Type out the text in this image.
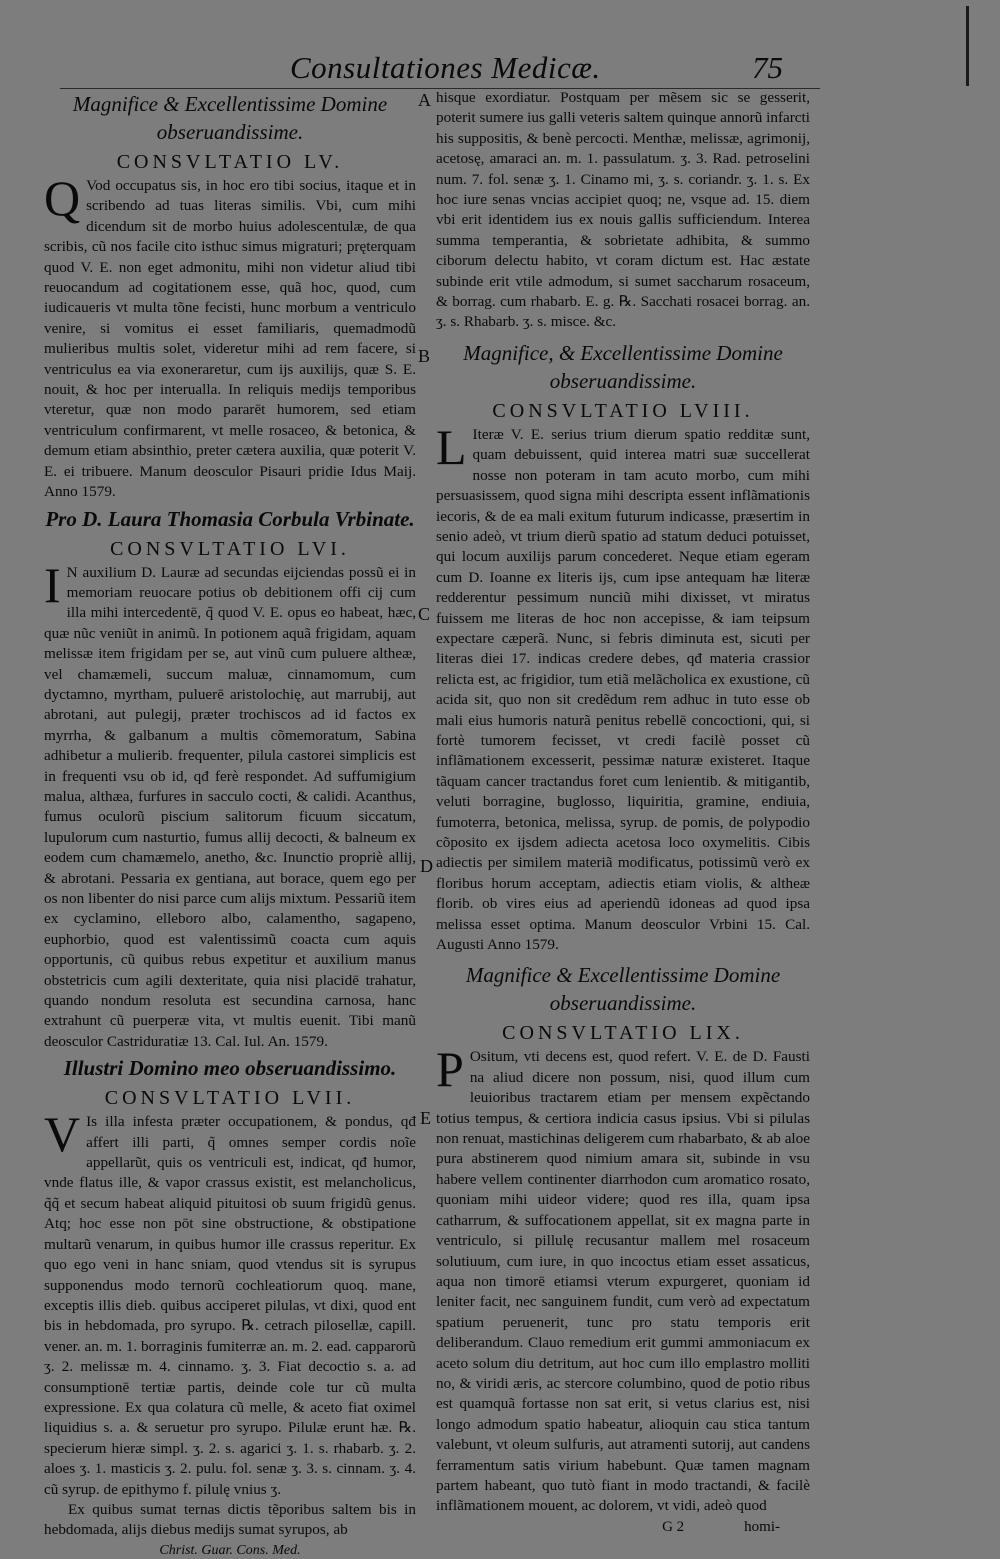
Consultationes Medicæ.	75
A
B
C
D
E
Magnifice & Excellentissime Domine obseruandissime.
CONSVLTATIO LV.

Q Vod occupatus sis, in hoc ero tibi socius, itaque et in scribendo ad tuas literas similis. Vbi, cum mihi dicendum sit de morbo huius adolescentulæ, de qua scribis, cũ nos facile cito isthuc simus migraturi; pręterquam quod V. E. non eget admonitu, mihi non videtur aliud tibi reuocandum ad cogitationem esse, quã hoc, quod, cum iudicaueris vt multa tõne fecisti, hunc morbum a ventriculo venire, si vomitus ei esset familiaris, quemadmodũ mulieribus multis solet, videretur mihi ad rem facere, si ventriculus ea via exoneraretur, cum ijs auxilijs, quæ S. E. nouit, & hoc per interualla. In reliquis medijs temporibus vteretur, quæ non modo pararēt humorem, sed etiam ventriculum confirmarent, vt melle rosaceo, & betonica, & demum etiam absinthio, preter cætera auxilia, quæ poterit V. E. ei tribuere. Manum deosculor Pisauri pridie Idus Maij. Anno 1579.

Pro D. Laura Thomasia Corbula Vrbinate.
CONSVLTATIO LVI.

I N auxilium D. Lauræ ad secundas eijciendas possũ ei in memoriam reuocare potius ob debitionem offi cij cum illa mihi intercedentē, q̃ quod V. E. opus eo habeat, hæc, quæ nũc veniũt in animũ. In potionem aquã frigidam, aquam melissæ item frigidam per se, aut vinũ cum puluere altheæ, vel chamæmeli, succum maluæ, cinnamomum, cum dyctamno, myrtham, puluerē aristolochię, aut marrubij, aut abrotani, aut pulegij, præter trochiscos ad id factos ex myrrha, & galbanum a multis cõmemoratum, Sabina adhibetur a mulierib. frequenter, pilula castorei simplicis est in frequenti vsu ob id, qđ ferè respondet. Ad suffumigium malua, althæa, furfures in sacculo cocti, & calidi. Acanthus, fumus oculorũ piscium salitorum ficuum siccatum, lupulorum cum nasturtio, fumus allij decocti, & balneum ex eodem cum chamæmelo, anetho, &c. Inunctio propriè allij, & abrotani. Pessaria ex gentiana, aut borace, quem ego per os non libenter do nisi parce cum alijs mixtum. Pessariũ item ex cyclamino, elleboro albo, calamentho, sagapeno, euphorbio, quod est valentissimũ coacta cum aquis opportunis, cũ quibus rebus expetitur et auxilium manus obstetricis cum agili dexteritate, quia nisi placidē trahatur, quando nondum resoluta est secundina carnosa, hanc extrahunt cũ puerperæ vita, vt multis euenit. Tibi manũ deosculor Castriduratiæ 13. Cal. Iul. An. 1579.

Illustri Domino meo obseruandissimo.
CONSVLTATIO LVII.

V Is illa infesta præter occupationem, & pondus, qđ affert illi parti, q̃ omnes semper cordis noĩe appellarũt, quis os ventriculi est, indicat, qđ humor, vnde flatus ille, & vapor crassus existit, est melancholicus, q̃q̃ et secum habeat aliquid pituitosi ob suum frigidũ genus. Atq; hoc esse non pōt sine obstructione, & obstipatione multarũ venarum, in quibus humor ille crassus reperitur. Ex quo ego veni in hanc sniam, quod vtendus sit is syrupus supponendus modo ternorũ cochleatiorum quoq. mane, exceptis illis dieb. quibus acciperet pilulas, vt dixi, quod ent bis in hebdomada, pro syrupo. ℞. cetrach pilosellæ, capill. vener. an. m. 1. borraginis fumiterræ an. m. 2. ead. capparorũ ʒ. 2. melissæ m. 4. cinnamo. ʒ. 3. Fiat decoctio s. a. ad consumptionē tertiæ partis, deinde cole tur cũ multa expressione. Ex qua colatura cũ melle, & aceto fiat oximel liquidius s. a. & seruetur pro syrupo. Pilulæ erunt hæ. ℞. specierum hieræ simpl. ʒ. 2. s. agarici ʒ. 1. s. rhabarb. ʒ. 2. aloes ʒ. 1. masticis ʒ. 2. pulu. fol. senæ ʒ. 3. s. cinnam. ʒ. 4. cũ syrup. de epithymo f. pilulę vnius ʒ.

Ex quibus sumat ternas dictis tẽporibus saltem bis in hebdomada, alijs diebus medijs sumat syrupos, ab

Christ. Guar. Cons. Med.

hisque exordiatur. Postquam per mẽsem sic se gesserit, poterit sumere ius galli veteris saltem quinque annorũ infarcti his suppositis, & benè percocti. Menthæ, melissæ, agrimonij, acetosę, amaraci an. m. 1. passulatum. ʒ. 3. Rad. petroselini num. 7. fol. senæ ʒ. 1. Cinamo mi, ʒ. s. coriandr. ʒ. 1. s. Ex hoc iure senas vncias accipiet quoq; ne, vsque ad. 15. diem vbi erit identidem ius ex nouis gallis sufficiendum. Interea summa temperantia, & sobrietate adhibita, & summo ciborum delectu habito, vt coram dictum est. Hac æstate subinde erit vtile admodum, si sumet saccharum rosaceum, & borrag. cum rhabarb. E. g. ℞. Sacchati rosacei borrag. an. ʒ. s. Rhabarb. ʒ. s. misce. &c.

Magnifice, & Excellentissime Domine obseruandissime.
CONSVLTATIO LVIII.

L Iteræ V. E. serius trium dierum spatio redditæ sunt, quam debuissent, quid interea matri suæ succellerat nosse non poteram in tam acuto morbo, cum mihi persuasissem, quod signa mihi descripta essent inflãmationis iecoris, & de ea mali exitum futurum indicasse, præsertim in senio adeò, vt trium dierũ spatio ad statum deduci potuisset, qui locum auxilijs parum concederet. Neque etiam egeram cum D. Ioanne ex literis ijs, cum ipse antequam hæ literæ redderentur pessimum nunciũ mihi dixisset, vt miratus fuissem me literas de hoc non accepisse, & iam teipsum expectare cæperã. Nunc, si febris diminuta est, sicuti per literas diei 17. indicas credere debes, qđ materia crassior relicta est, ac frigidior, tum etiã melãcholica ex exustione, cũ acida sit, quo non sit credẽdum rem adhuc in tuto esse ob mali eius humoris naturã penitus rebellē concoctioni, qui, si fortè tumorem fecisset, vt credi facilè posset cũ inflãmationem excesserit, pessimæ naturæ existeret. Itaque tãquam cancer tractandus foret cum lenientib. & mitigantib, veluti borragine, buglosso, liquiritia, gramine, endiuia, fumoterra, betonica, melissa, syrup. de pomis, de polypodio cõposito ex ijsdem adiecta acetosa loco oxymelitis. Cibis adiectis per similem materiã modificatus, potissimũ verò ex floribus horum acceptam, adiectis etiam violis, & altheæ florib. ob vires eius ad aperiendũ idoneas ad quod ipsa melissa esset optima. Manum deosculor Vrbini 15. Cal. Augusti Anno 1579.

Magnifice & Excellentissime Domine obseruandissime.
CONSVLTATIO LIX.

P Ositum, vti decens est, quod refert. V. E. de D. Fausti na aliud dicere non possum, nisi, quod illum cum leuioribus tractarem etiam per mensem expẽctando totius tempus, & certiora indicia casus ipsius. Vbi si pilulas non renuat, mastichinas deligerem cum rhabarbato, & ab aloe pura abstinerem quod nimium amara sit, subinde in vsu habere vellem continenter diarrhodon cum aromatico rosato, quoniam mihi uideor videre; quod res illa, quam ipsa catharrum, & suffocationem appellat, sit ex magna parte in ventriculo, si pillulę recusantur mallem mel rosaceum solutiuum, cum iure, in quo incoctus etiam esset assaticus, aqua non timorē etiamsi vterum expurgeret, quoniam id leniter facit, nec sanguinem fundit, cum verò ad expectatum spatium peruenerit, tunc pro statu temporis erit deliberandum. Clauo remedium erit gummi ammoniacum ex aceto solum diu detritum, aut hoc cum illo emplastro molliti no, & viridi æris, ac stercore columbino, quod de potio ribus est quamquã fortasse non sat erit, si vetus clarius est, nisi longo admodum spatio habeatur, alioquin cau stica tantum valebunt, vt oleum sulfuris, aut atramenti sutorij, aut candens ferramentum satis virium habebunt. Quæ tamen magnam partem habeant, quo tutò fiant in modo tractandi, & facilè inflãmationem mouent, ac dolorem, vt vidi, adeò quod

G 2	homi-
